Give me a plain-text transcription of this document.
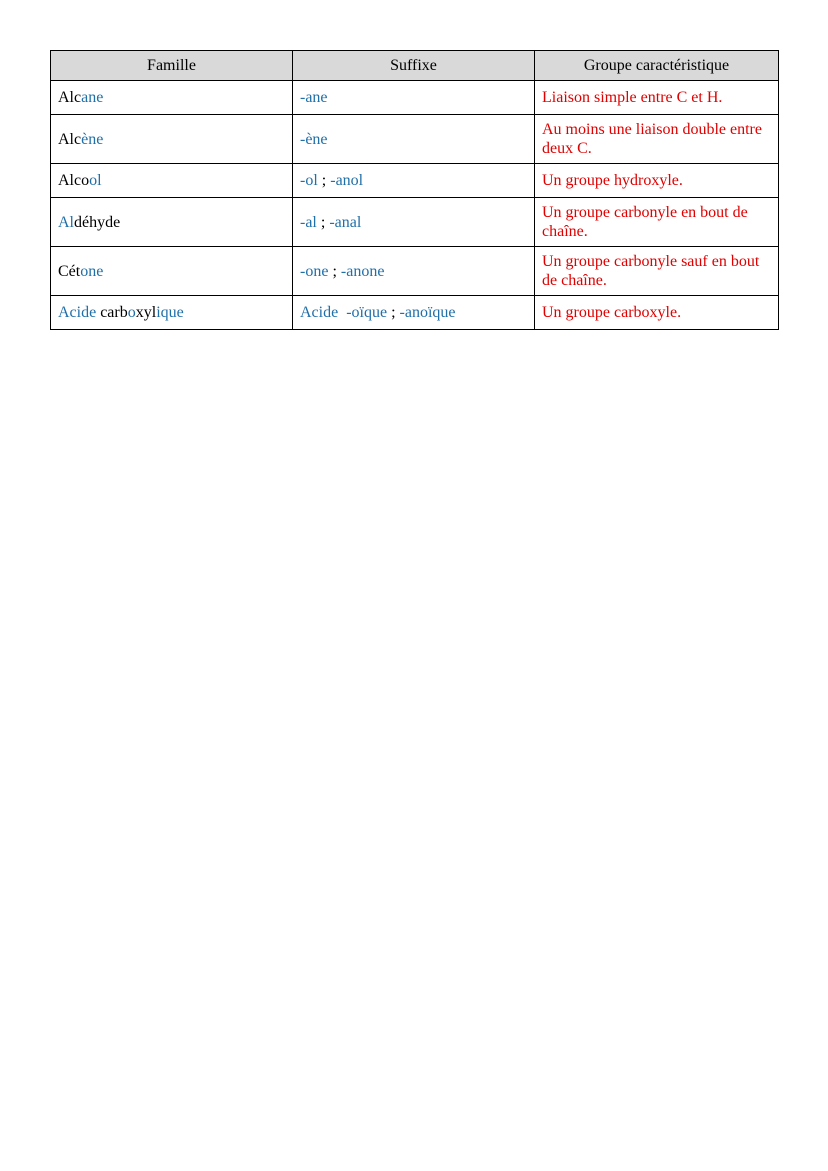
Famille	Suffixe	Groupe caractéristique
Alcane	-ane	Liaison simple entre C et H.
Alcène	-ène	Au moins une liaison double entre deux C.
Alcool	-ol ; -anol	Un groupe hydroxyle.
Aldéhyde	-al ; -anal	Un groupe carbonyle en bout de chaîne.
Cétone	-one ; -anone	Un groupe carbonyle sauf en bout de chaîne.
Acide carboxylique	Acide  -oïque ; -anoïque	Un groupe carboxyle.
